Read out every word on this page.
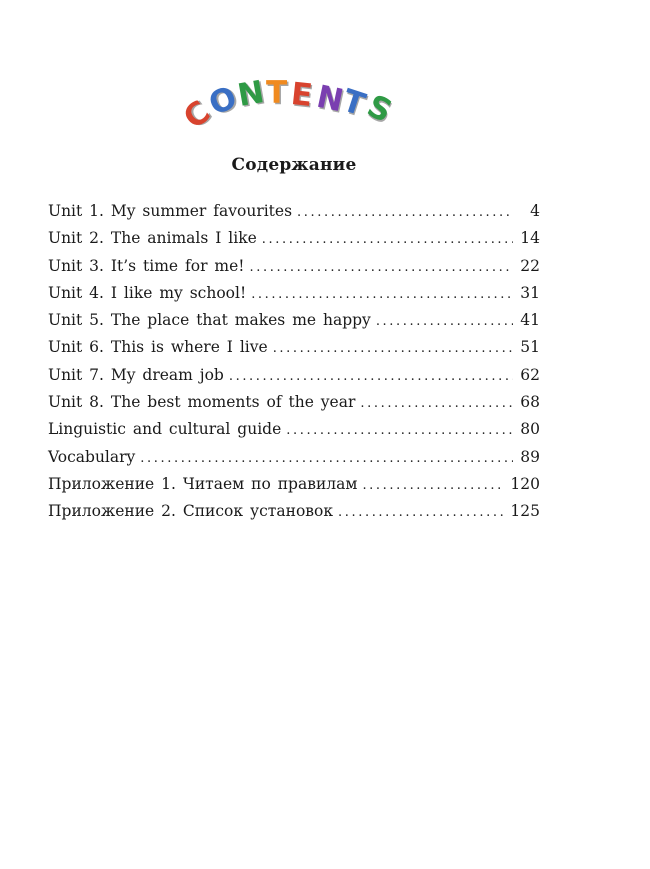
C
O
N T E N
T
S
Содержание
Unit 1. My summer favourites .....	4
Unit 2. The animals I like .....	14
Unit 3. It’s time for me! .....	22
Unit 4. I like my school! .....	31
Unit 5. The place that makes me happy .....	41
Unit 6. This is where I live .....	51
Unit 7. My dream job .....	62
Unit 8. The best moments of the year .....	68
Linguistic and cultural guide .....	80
Vocabulary .....	89
Приложение 1. Читаем по правилам .....	120
Приложение 2. Список установок .....	125
